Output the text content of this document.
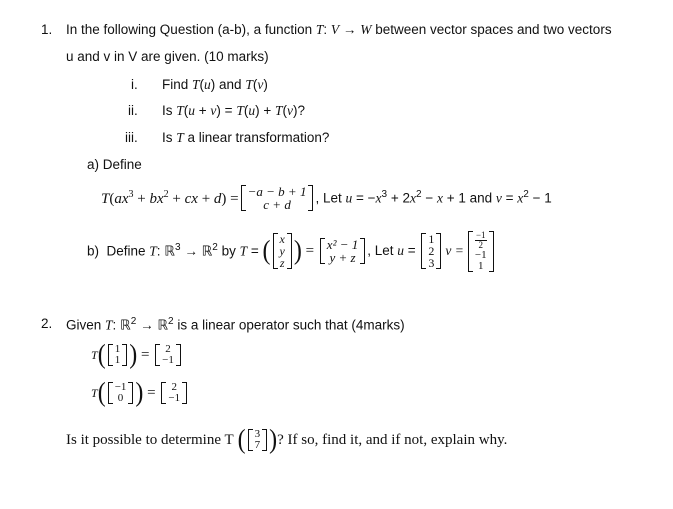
1. In the following Question (a-b), a function T: V → W between vector spaces and two vectors
u and v in V are given. (10 marks)
i. Find T(u) and T(v)
ii. Is T(u + v) = T(u) + T(v)?
iii. Is T a linear transformation?
a) Define
$T(ax^3 + bx^2$ + cx + d) = −a − b + 1
c + d , Let $u = -x^3 + 2x^2 - x + 1$ and $v = x^2 - 1$
b)  Define T: ℝ$^3$ → ℝ$^2$ by T = ( x
y
z ) = x² − 1
y + z , Let u =
1
2
3
v =
$\frac{-1}{2}$
−1
1
2. Given T: ℝ$^2$ → ℝ$^2$ is a linear operator such that (4marks)
T ( 1
1 ) = 2
−1
T ( −1
0 ) = 2
−1
Is it possible to determine T ( 3
7 ) ? If so, find it, and if not, explain why.
